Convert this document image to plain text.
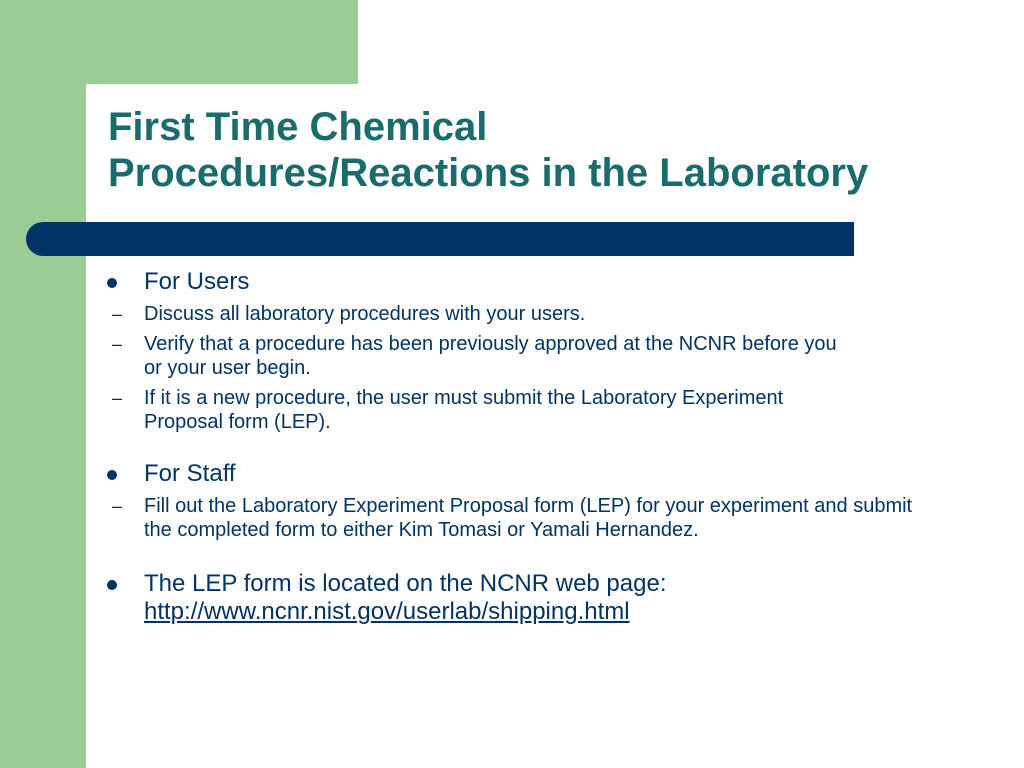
First Time Chemical
Procedures/Reactions in the Laboratory
For Users
– Discuss all laboratory procedures with your users.
– Verify that a procedure has been previously approved at the NCNR before you or your user begin.
– If it is a new procedure, the user must submit the Laboratory Experiment Proposal form (LEP).
For Staff
– Fill out the Laboratory Experiment Proposal form (LEP) for your experiment and submit the completed form to either Kim Tomasi or Yamali Hernandez.
The LEP form is located on the NCNR web page:
http://www.ncnr.nist.gov/userlab/shipping.html
